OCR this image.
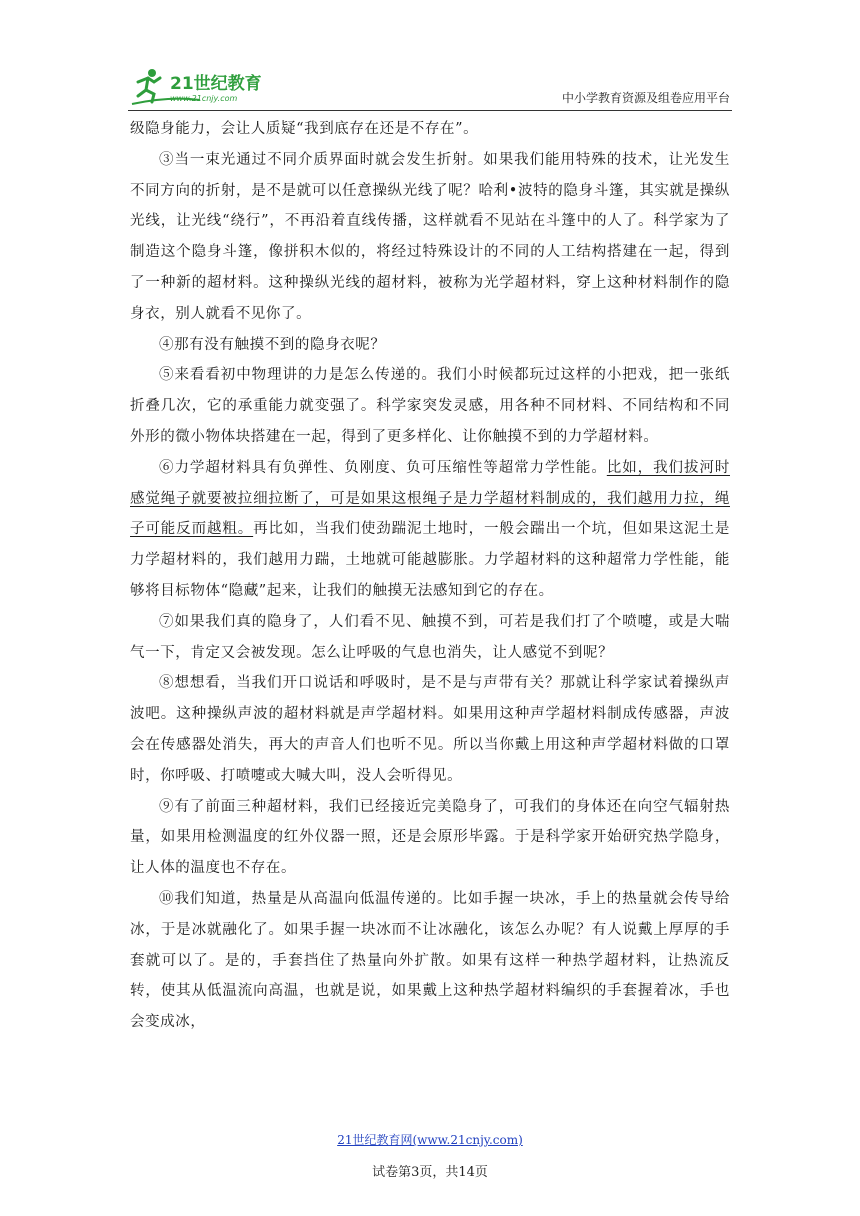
21世纪教育
www.21cnjy.com	中小学教育资源及组卷应用平台

级隐身能力，会让人质疑“我到底存在还是不存在”。

③当一束光通过不同介质界面时就会发生折射。如果我们能用特殊的技术，让光发生不同方向的折射，是不是就可以任意操纵光线了呢？哈利•波特的隐身斗篷，其实就是操纵光线，让光线“绕行”，不再沿着直线传播，这样就看不见站在斗篷中的人了。科学家为了制造这个隐身斗篷，像拼积木似的，将经过特殊设计的不同的人工结构搭建在一起，得到了一种新的超材料。这种操纵光线的超材料，被称为光学超材料，穿上这种材料制作的隐身衣，别人就看不见你了。

④那有没有触摸不到的隐身衣呢？

⑤来看看初中物理讲的力是怎么传递的。我们小时候都玩过这样的小把戏，把一张纸折叠几次，它的承重能力就变强了。科学家突发灵感，用各种不同材料、不同结构和不同外形的微小物体块搭建在一起，得到了更多样化、让你触摸不到的力学超材料。

⑥力学超材料具有负弹性、负刚度、负可压缩性等超常力学性能。比如，我们拔河时感觉绳子就要被拉细拉断了，可是如果这根绳子是力学超材料制成的，我们越用力拉，绳子可能反而越粗。再比如，当我们使劲踹泥土地时，一般会踹出一个坑，但如果这泥土是力学超材料的，我们越用力踹，土地就可能越膨胀。力学超材料的这种超常力学性能，能够将目标物体“隐藏”起来，让我们的触摸无法感知到它的存在。

⑦如果我们真的隐身了，人们看不见、触摸不到，可若是我们打了个喷嚏，或是大喘气一下，肯定又会被发现。怎么让呼吸的气息也消失，让人感觉不到呢？

⑧想想看，当我们开口说话和呼吸时，是不是与声带有关？那就让科学家试着操纵声波吧。这种操纵声波的超材料就是声学超材料。如果用这种声学超材料制成传感器，声波会在传感器处消失，再大的声音人们也听不见。所以当你戴上用这种声学超材料做的口罩时，你呼吸、打喷嚏或大喊大叫，没人会听得见。

⑨有了前面三种超材料，我们已经接近完美隐身了，可我们的身体还在向空气辐射热量，如果用检测温度的红外仪器一照，还是会原形毕露。于是科学家开始研究热学隐身，让人体的温度也不存在。

⑩我们知道，热量是从高温向低温传递的。比如手握一块冰，手上的热量就会传导给冰，于是冰就融化了。如果手握一块冰而不让冰融化，该怎么办呢？有人说戴上厚厚的手套就可以了。是的，手套挡住了热量向外扩散。如果有这样一种热学超材料，让热流反转，使其从低温流向高温，也就是说，如果戴上这种热学超材料编织的手套握着冰，手也会变成冰，

21世纪教育网(www.21cnjy.com)
试卷第3页，共14页
